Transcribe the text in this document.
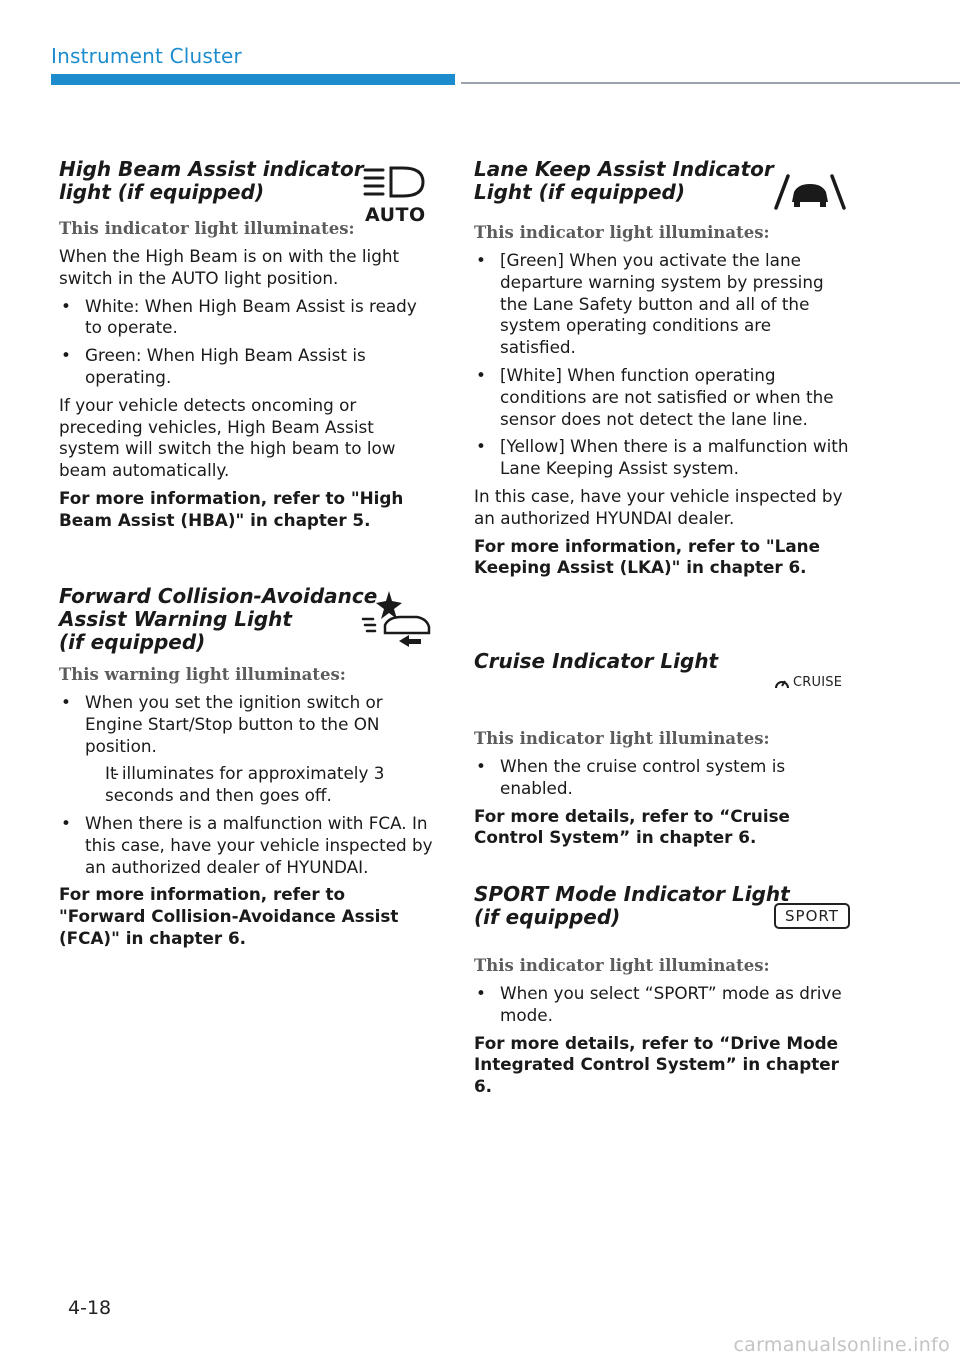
Instrument Cluster
High Beam Assist indicator
light (if equipped)
AUTO
This indicator light illuminates:

When the High Beam is on with the light switch in the AUTO light position.

• White: When High Beam Assist is ready to operate.
• Green: When High Beam Assist is operating.

If your vehicle detects oncoming or preceding vehicles, High Beam Assist system will switch the high beam to low beam automatically.

For more information, refer to "High Beam Assist (HBA)" in chapter 5.

Forward Collision-Avoidance
Assist Warning Light
(if equipped)
This warning light illuminates:
• When you set the ignition switch or Engine Start/Stop button to the ON position.
- It illuminates for approximately 3 seconds and then goes off.
• When there is a malfunction with FCA. In this case, have your vehicle inspected by an authorized dealer of HYUNDAI.

For more information, refer to "Forward Collision-Avoidance Assist (FCA)" in chapter 6.

Lane Keep Assist Indicator
Light (if equipped)
This indicator light illuminates:
• [Green] When you activate the lane departure warning system by pressing the Lane Safety button and all of the system operating conditions are satisfied.
• [White] When function operating conditions are not satisfied or when the sensor does not detect the lane line.
• [Yellow] When there is a malfunction with Lane Keeping Assist system.

In this case, have your vehicle inspected by an authorized HYUNDAI dealer.

For more information, refer to "Lane Keeping Assist (LKA)" in chapter 6.

Cruise Indicator Light
CRUISE
This indicator light illuminates:
• When the cruise control system is enabled.

For more details, refer to “Cruise Control System” in chapter 6.

SPORT Mode Indicator Light
(if equipped)	SPORT
This indicator light illuminates:
• When you select “SPORT” mode as drive mode.

For more details, refer to “Drive Mode Integrated Control System” in chapter 6.

4-18
carmanualsonline.info
